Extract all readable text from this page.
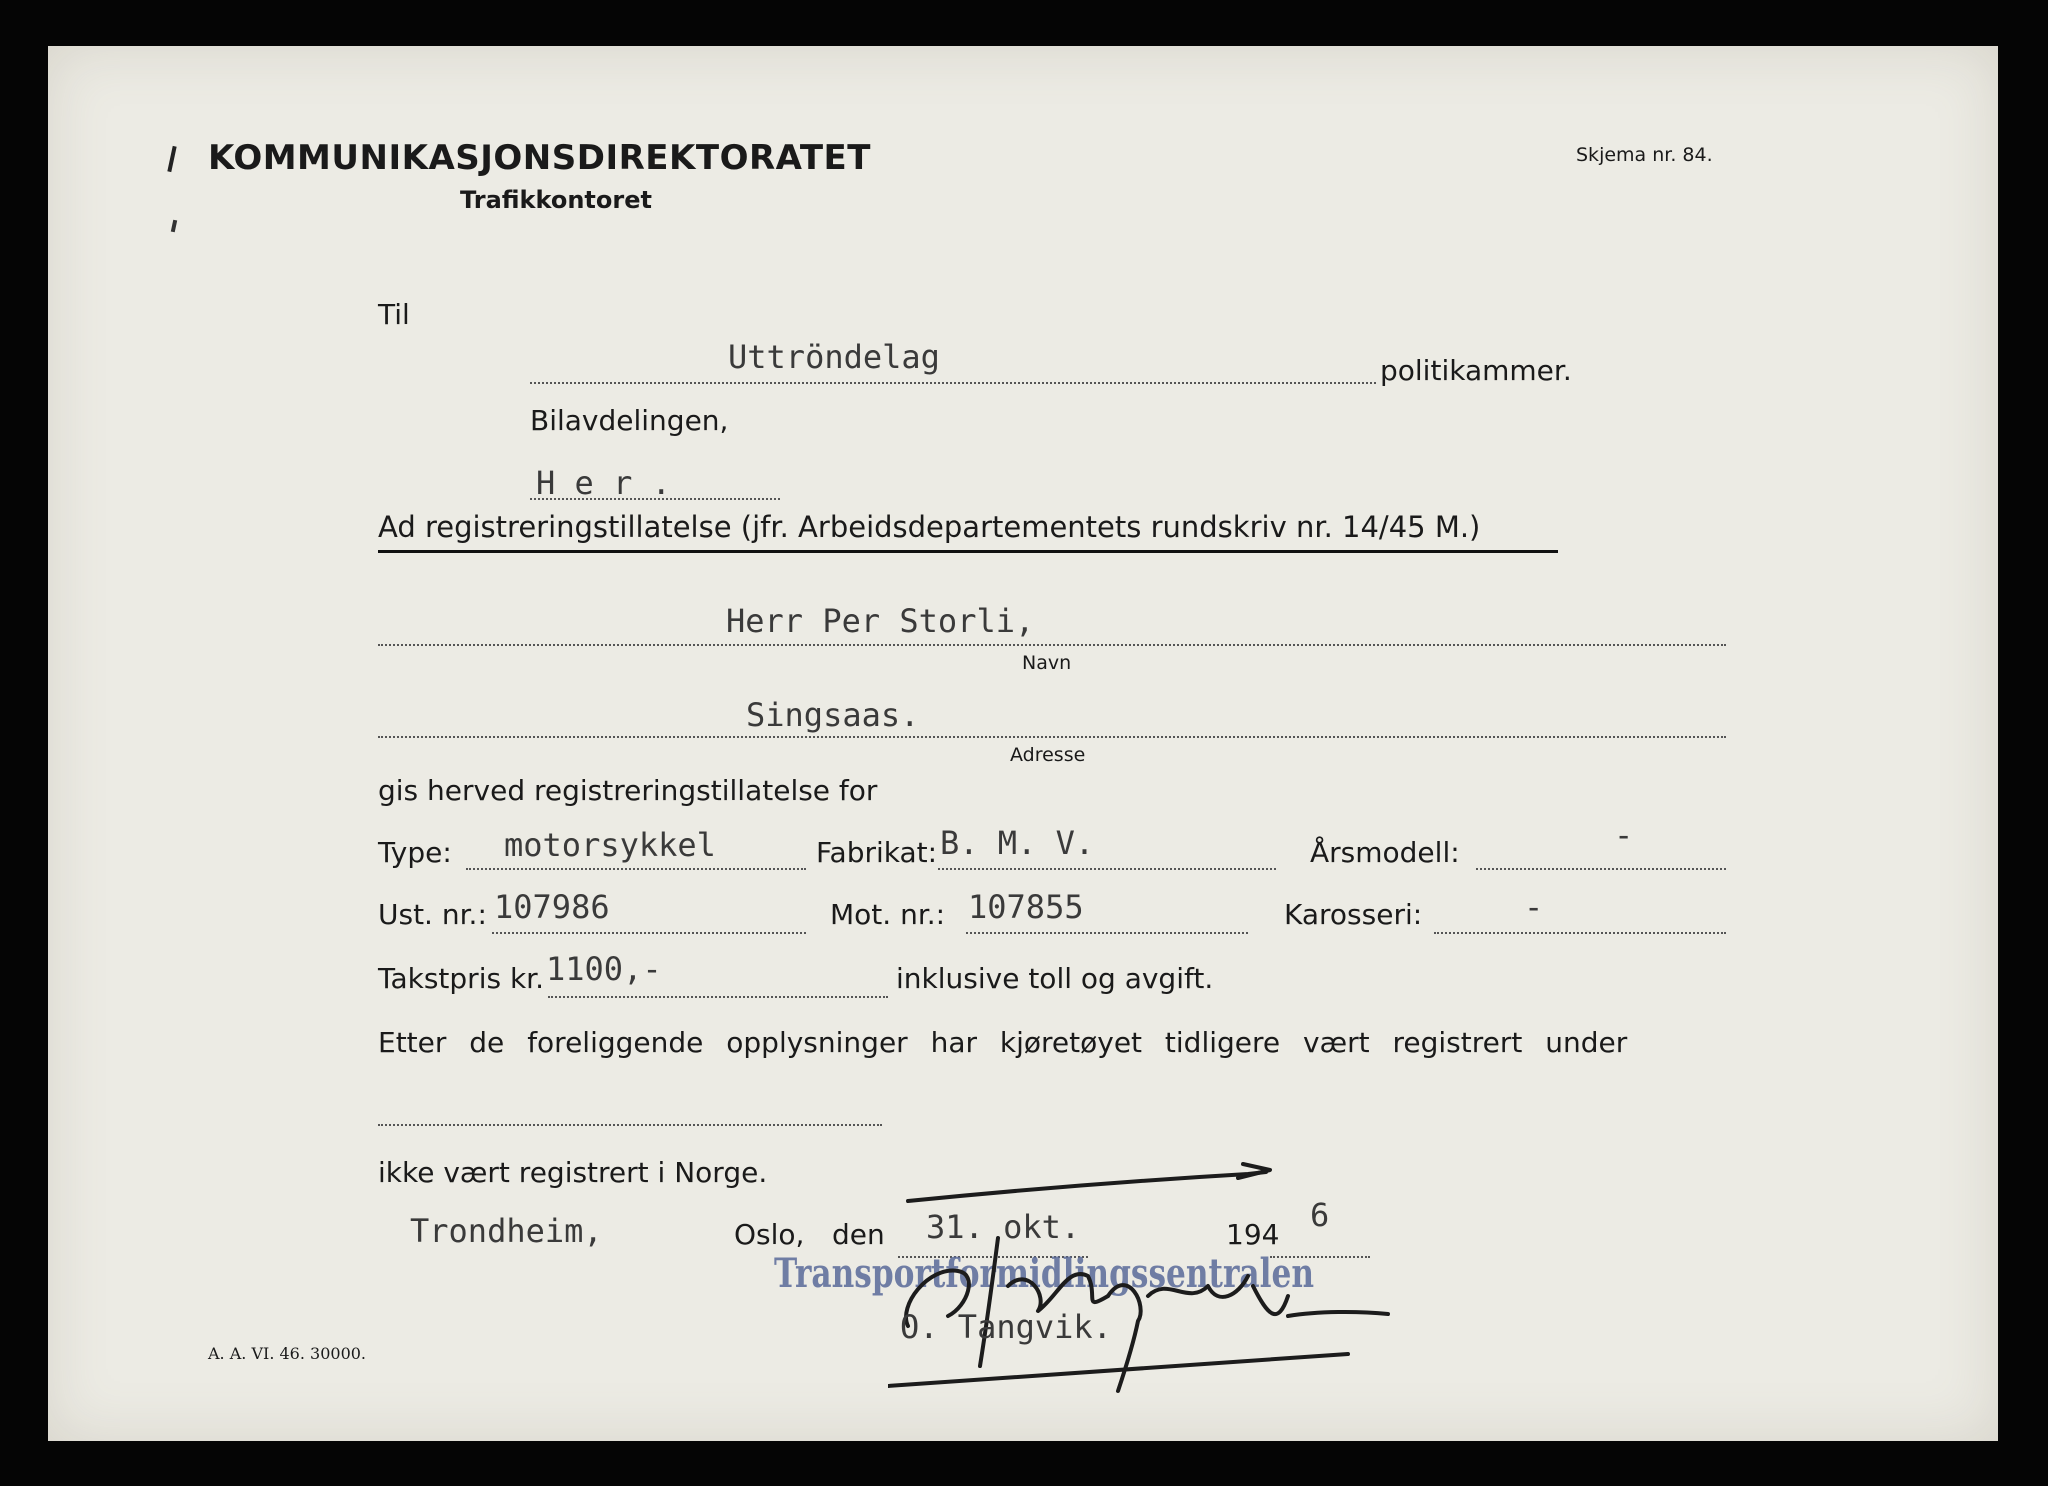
KOMMUNIKASJONSDIREKTORATET
Trafikkontoret
Skjema nr. 84.
Til
Uttröndelag	politikammer.
Bilavdelingen,
H e r .
Ad registreringstillatelse (jfr. Arbeidsdepartementets rundskriv nr. 14/45 M.)
Herr Per Storli,
Navn
Singsaas.
Adresse
gis herved registreringstillatelse for
Type: motorsykkel	Fabrikat: B. M. V.	Årsmodell:	-
Ust. nr.: 107986	Mot. nr.: 107855	Karosseri:	-
Takstpris kr. 1100,-	inklusive toll og avgift.
Etter de foreliggende opplysninger har kjøretøyet tidligere vært registrert under
ikke vært registrert i Norge.
Trondheim,	Oslo, den 31. okt.	194
6
Transportformidlingssentralen
O. Tangvik.
A. A. VI. 46. 30000.
